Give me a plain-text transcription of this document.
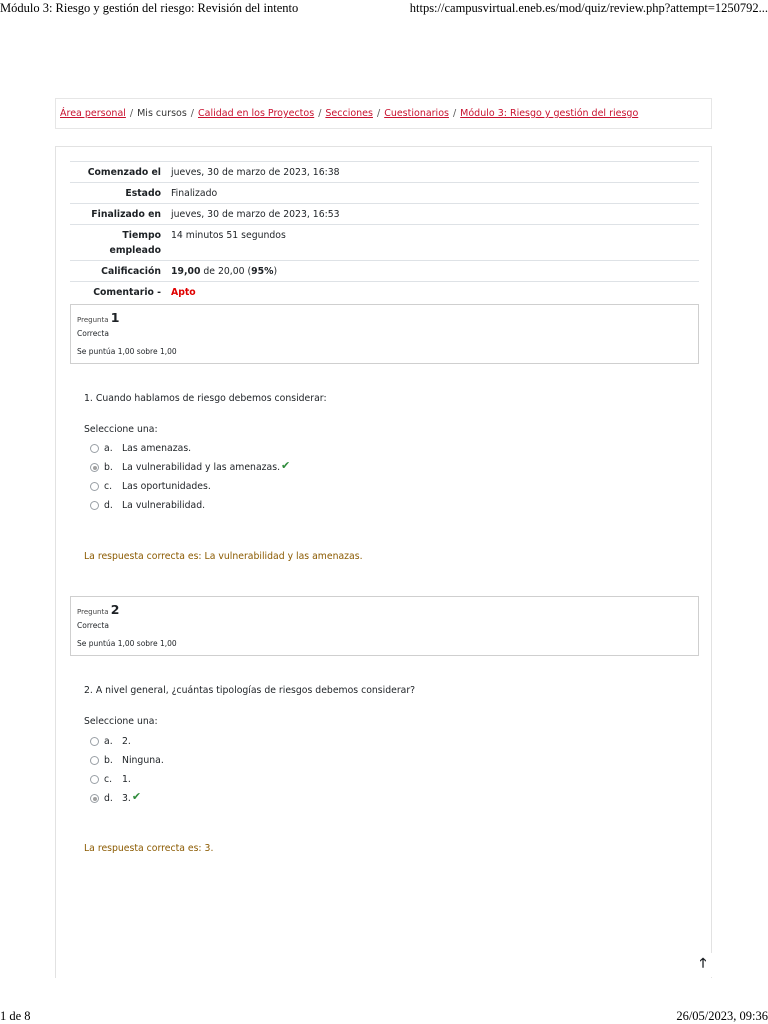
Módulo 3: Riesgo y gestión del riesgo: Revisión del intento	https://campusvirtual.eneb.es/mod/quiz/review.php?attempt=1250792...
Área personal / Mis cursos / Calidad en los Proyectos / Secciones / Cuestionarios / Módulo 3: Riesgo y gestión del riesgo
Comenzado el	jueves, 30 de marzo de 2023, 16:38
Estado	Finalizado
Finalizado en	jueves, 30 de marzo de 2023, 16:53
Tiempo empleado	14 minutos 51 segundos
Calificación	19,00 de 20,00 (95%)
Comentario -	Apto
Pregunta 1
Correcta
Se puntúa 1,00 sobre 1,00
1. Cuando hablamos de riesgo debemos considerar:
Seleccione una:
a.	Las amenazas.
b. La vulnerabilidad y las amenazas. ✔
c.	Las oportunidades.
d. La vulnerabilidad.
La respuesta correcta es: La vulnerabilidad y las amenazas.
Pregunta 2
Correcta
Se puntúa 1,00 sobre 1,00
2. A nivel general, ¿cuántas tipologías de riesgos debemos considerar?
Seleccione una:
a.	2.
b. Ninguna.
c.	1.
d. 3. ✔
La respuesta correcta es: 3.
🡑
1 de 8	26/05/2023, 09:36
